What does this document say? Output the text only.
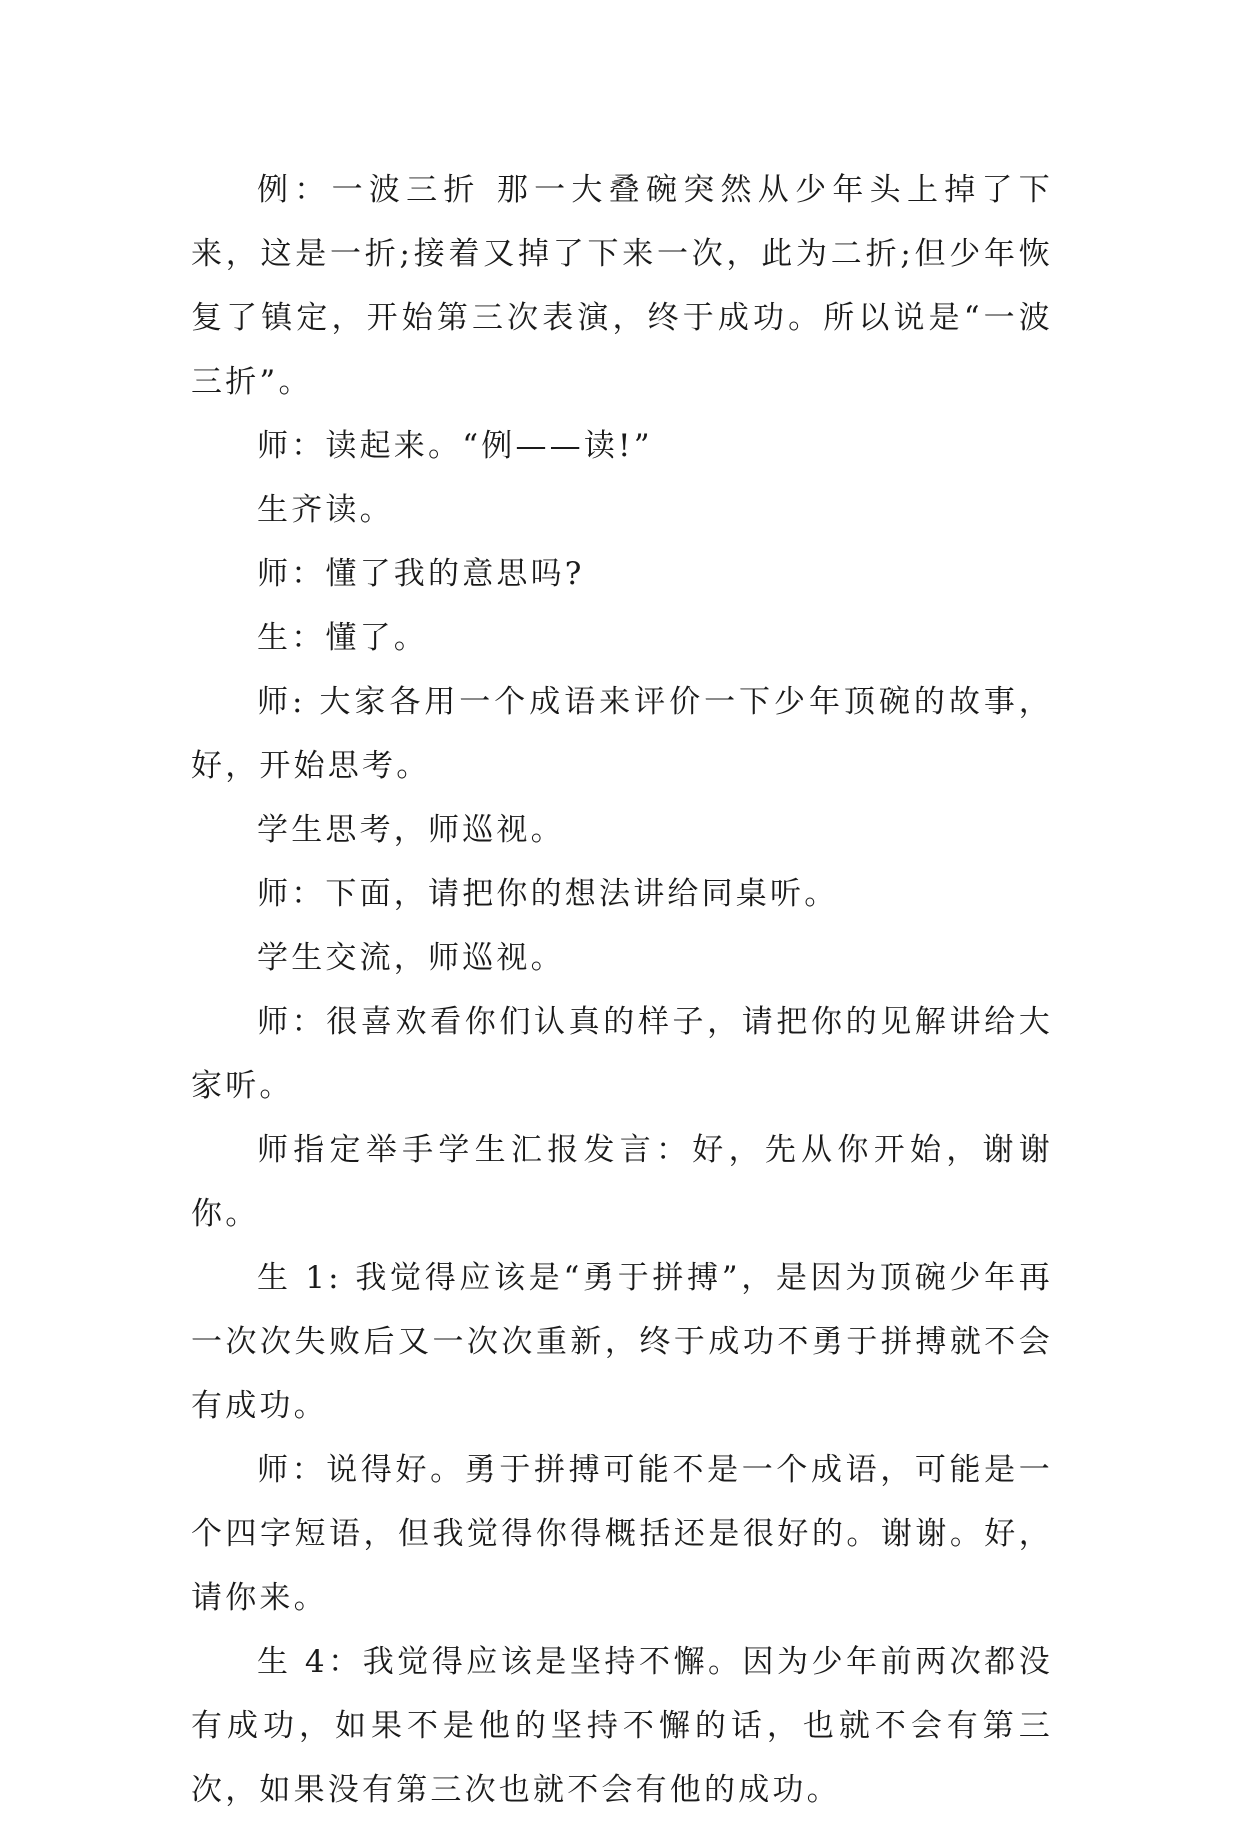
例：一波三折 那一大叠碗突然从少年头上掉了下来，这是一折;接着又掉了下来一次，此为二折;但少年恢复了镇定，开始第三次表演，终于成功。所以说是“一波三折”。

师：读起来。“例——读!”

生齐读。

师：懂了我的意思吗?

生：懂了。

师: 大家各用一个成语来评价一下少年顶碗的故事，好，开始思考。

学生思考，师巡视。

师：下面，请把你的想法讲给同桌听。

学生交流，师巡视。

师：很喜欢看你们认真的样子，请把你的见解讲给大家听。

师指定举手学生汇报发言：好，先从你开始，谢谢你。

生 1: 我觉得应该是“勇于拼搏”，是因为顶碗少年再一次次失败后又一次次重新，终于成功不勇于拼搏就不会有成功。

师：说得好。勇于拼搏可能不是一个成语，可能是一个四字短语，但我觉得你得概括还是很好的。谢谢。好，请你来。

生 4：我觉得应该是坚持不懈。因为少年前两次都没有成功，如果不是他的坚持不懈的话，也就不会有第三次，如果没有第三次也就不会有他的成功。
